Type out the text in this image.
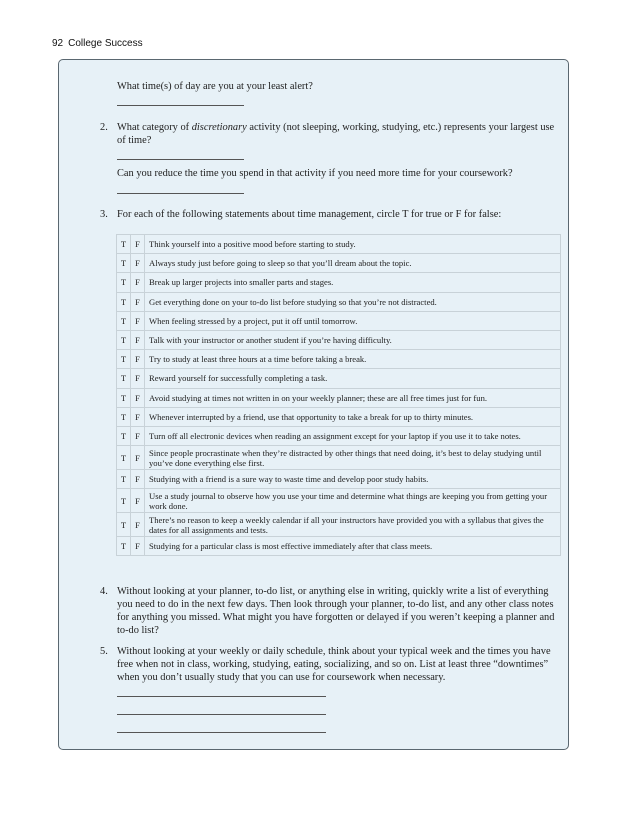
92 College Success
What time(s) of day are you at your least alert?
2. What category of discretionary activity (not sleeping, working, studying, etc.) represents your largest use of time?
Can you reduce the time you spend in that activity if you need more time for your coursework?
3. For each of the following statements about time management, circle T for true or F for false:
T	F	Think yourself into a positive mood before starting to study.
T	F	Always study just before going to sleep so that you’ll dream about the topic.
T	F	Break up larger projects into smaller parts and stages.
T	F	Get everything done on your to-do list before studying so that you’re not distracted.
T	F	When feeling stressed by a project, put it off until tomorrow.
T	F	Talk with your instructor or another student if you’re having difficulty.
T	F	Try to study at least three hours at a time before taking a break.
T	F	Reward yourself for successfully completing a task.
T	F	Avoid studying at times not written in on your weekly planner; these are all free times just for fun.
T	F	Whenever interrupted by a friend, use that opportunity to take a break for up to thirty minutes.
T	F	Turn off all electronic devices when reading an assignment except for your laptop if you use it to take notes.
T	F	Since people procrastinate when they’re distracted by other things that need doing, it’s best to delay studying until you’ve done everything else first.
T	F	Studying with a friend is a sure way to waste time and develop poor study habits.
T	F	Use a study journal to observe how you use your time and determine what things are keeping you from getting your work done.
T	F	There’s no reason to keep a weekly calendar if all your instructors have provided you with a syllabus that gives the dates for all assignments and tests.
T	F	Studying for a particular class is most effective immediately after that class meets.
4. Without looking at your planner, to-do list, or anything else in writing, quickly write a list of everything you need to do in the next few days. Then look through your planner, to-do list, and any other class notes for anything you missed. What might you have forgotten or delayed if you weren’t keeping a planner and to-do list?
5. Without looking at your weekly or daily schedule, think about your typical week and the times you have free when not in class, working, studying, eating, socializing, and so on. List at least three “downtimes” when you don’t usually study that you can use for coursework when necessary.
